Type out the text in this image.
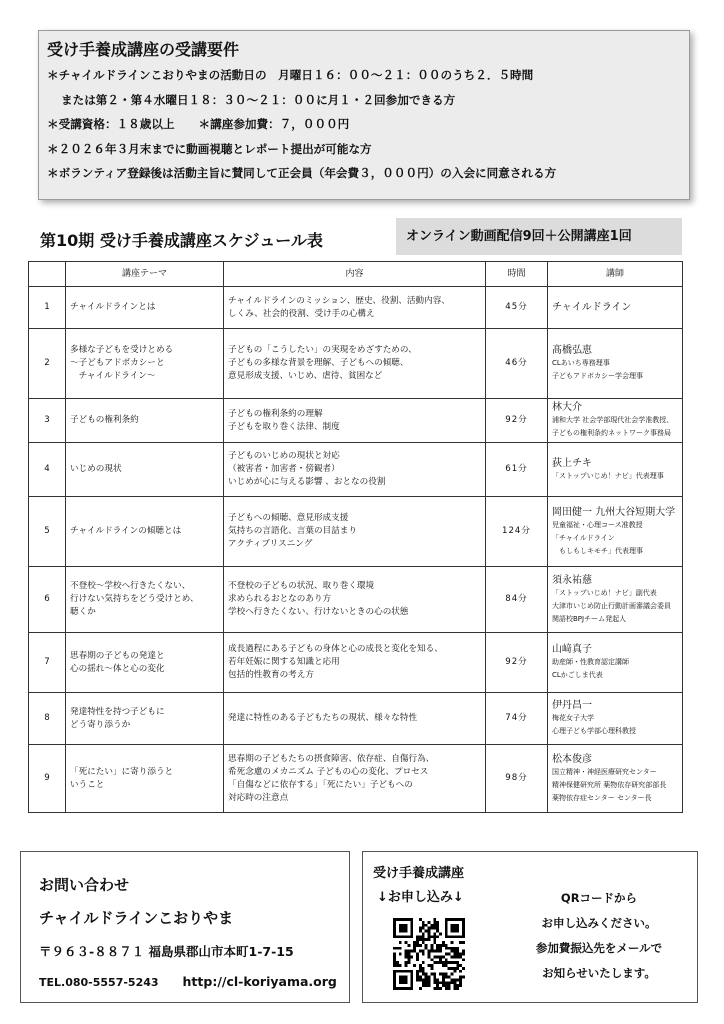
受け手養成講座の受講要件
＊チャイルドラインこおりやまの活動日の　月曜日１６：００～２１：００のうち２．５時間
または第２・第４水曜日１８：３０～２１：００に月１・２回参加できる方
＊受講資格：１８歳以上 ＊講座参加費：７，０００円
＊２０２６年３月末までに動画視聴とレポート提出が可能な方
＊ボランティア登録後は活動主旨に賛同して正会員（年会費３，０００円）の入会に同意される方
第10期 受け手養成講座スケジュール表	オンライン動画配信9回＋公開講座1回
	講座テーマ	内容	時間	講師
1	チャイルドラインとは	チャイルドラインのミッション、歴史、役割、活動内容、
しくみ、社会的役割、受け手の心構え	45分	チャイルドライン

2	多様な子どもを受けとめる
～子どもアドボカシーと
　チャイルドライン～	子どもの「こうしたい」の実現をめざすための、
子どもの多様な背景を理解、子どもへの傾聴、
意見形成支援、いじめ、虐待、貧困など	46分	髙橋弘恵
CLあいち専務理事
子どもアドボカシー学会理事

3	子どもの権利条約	子どもの権利条約の理解
子どもを取り巻く法律、制度	92分	林大介
浦和大学 社会学部現代社会学准教授、
子どもの権利条約ネットワーク事務局

4	いじめの現状	子どものいじめの現状と対応
（被害者・加害者・傍観者）
いじめが心に与える影響 、おとなの役割	61分	荻上チキ
「ストップいじめ！ナビ」代表理事

5	チャイルドラインの傾聴とは	子どもへの傾聴、意見形成支援
気持ちの言語化、言葉の目詰まり
アクティブリスニング	124分	岡田健一 九州大谷短期大学
児童福祉・心理コース准教授
「チャイルドライン
　もしもしキモチ」代表理事

6	不登校～学校へ行きたくない、
行けない気持ちをどう受けとめ、
聴くか	不登校の子どもの状況、取り巻く環境
求められるおとなのあり方
学校へ行きたくない、行けないときの心の状態	84分	須永祐慈
「ストップいじめ！ナビ」副代表
大津市いじめ防止行動計画審議会委員
関語校BPJチーム発起人

7	思春期の子どもの発達と
心の揺れ～体と心の変化	成長過程にある子どもの身体と心の成長と変化を知る、
若年妊娠に関する知識と応用
包括的性教育の考え方	92分	山﨑真子
助産師・性教育認定講師
CLかごしま代表

8	発達特性を持つ子どもに
どう寄り添うか	発達に特性のある子どもたちの現状、様々な特性	74分	伊丹昌一
梅花女子大学
心理子ども学部心理科教授

9	「死にたい」に寄り添うと
いうこと	思春期の子どもたちの摂食障害、依存症、自傷行為、
希死念慮のメカニズム 子どもの心の変化、プロセス
「自傷などに依存する」「死にたい」子どもへの
対応時の注意点	98分	松本俊彦
国立精神・神経医療研究センター
精神保健研究所 薬物依存研究部部長
薬物依存症センター センター長
お問い合わせ
チャイルドラインこおりやま
〒９６３‐８８７１ 福島県郡山市本町1-7-15
TEL.080-5557-5243 http://cl-koriyama.org
受け手養成講座
↓お申し込み↓	QRコードから
お申し込みください。
参加費振込先をメールで
お知らせいたします。
